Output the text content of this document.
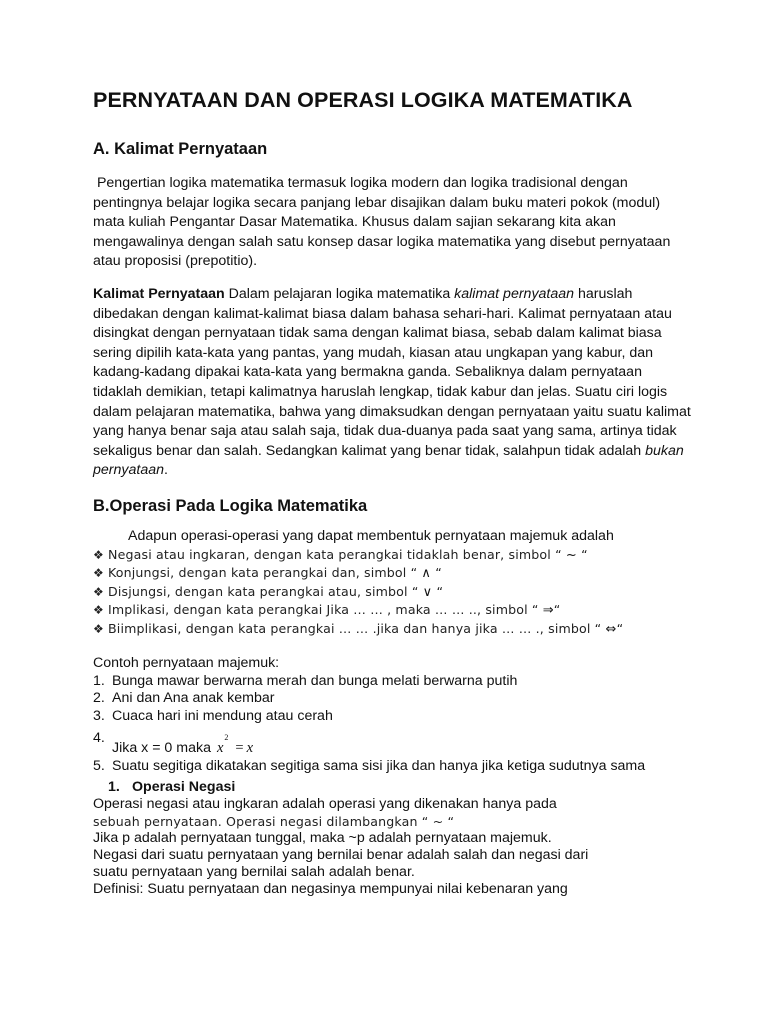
PERNYATAAN DAN OPERASI LOGIKA MATEMATIKA
A. Kalimat Pernyataan

Pengertian logika matematika termasuk logika modern dan logika tradisional dengan pentingnya belajar logika secara panjang lebar disajikan dalam buku materi pokok (modul) mata kuliah Pengantar Dasar Matematika. Khusus dalam sajian sekarang kita akan mengawalinya dengan salah satu konsep dasar logika matematika yang disebut pernyataan atau proposisi (prepotitio).

Kalimat Pernyataan Dalam pelajaran logika matematika kalimat pernyataan haruslah dibedakan dengan kalimat-kalimat biasa dalam bahasa sehari-hari. Kalimat pernyataan atau disingkat dengan pernyataan tidak sama dengan kalimat biasa, sebab dalam kalimat biasa sering dipilih kata-kata yang pantas, yang mudah, kiasan atau ungkapan yang kabur, dan kadang-kadang dipakai kata-kata yang bermakna ganda. Sebaliknya dalam pernyataan tidaklah demikian, tetapi kalimatnya haruslah lengkap, tidak kabur dan jelas. Suatu ciri logis dalam pelajaran matematika, bahwa yang dimaksudkan dengan pernyataan yaitu suatu kalimat yang hanya benar saja atau salah saja, tidak dua-duanya pada saat yang sama, artinya tidak sekaligus benar dan salah. Sedangkan kalimat yang benar tidak, salahpun tidak adalah bukan pernyataan.

B.Operasi Pada Logika Matematika

Adapun operasi-operasi yang dapat membentuk pernyataan majemuk adalah

❖ Negasi atau ingkaran, dengan kata perangkai tidaklah benar, simbol “ ~ “
❖ Konjungsi, dengan kata perangkai dan, simbol “ ∧ “
❖ Disjungsi, dengan kata perangkai atau, simbol “ ∨ “
❖ Implikasi, dengan kata perangkai Jika … … , maka … … .., simbol “ ⇒“
❖ Biimplikasi, dengan kata perangkai … … .jika dan hanya jika … … ., simbol “ ⇔“

Contoh pernyataan majemuk:

1. Bunga mawar berwarna merah dan bunga melati berwarna putih
2. Ani dan Ana anak kembar
3. Cuaca hari ini mendung atau cerah
4.
Jika x = 0 maka $x^2= x$
5. Suatu segitiga dikatakan segitiga sama sisi jika dan hanya jika ketiga sudutnya sama

1. Operasi Negasi

Operasi negasi atau ingkaran adalah operasi yang dikenakan hanya pada

sebuah pernyataan. Operasi negasi dilambangkan “ ~ “

Jika p adalah pernyataan tunggal, maka ~p adalah pernyataan majemuk.

Negasi dari suatu pernyataan yang bernilai benar adalah salah dan negasi dari

suatu pernyataan yang bernilai salah adalah benar.

Definisi: Suatu pernyataan dan negasinya mempunyai nilai kebenaran yang
